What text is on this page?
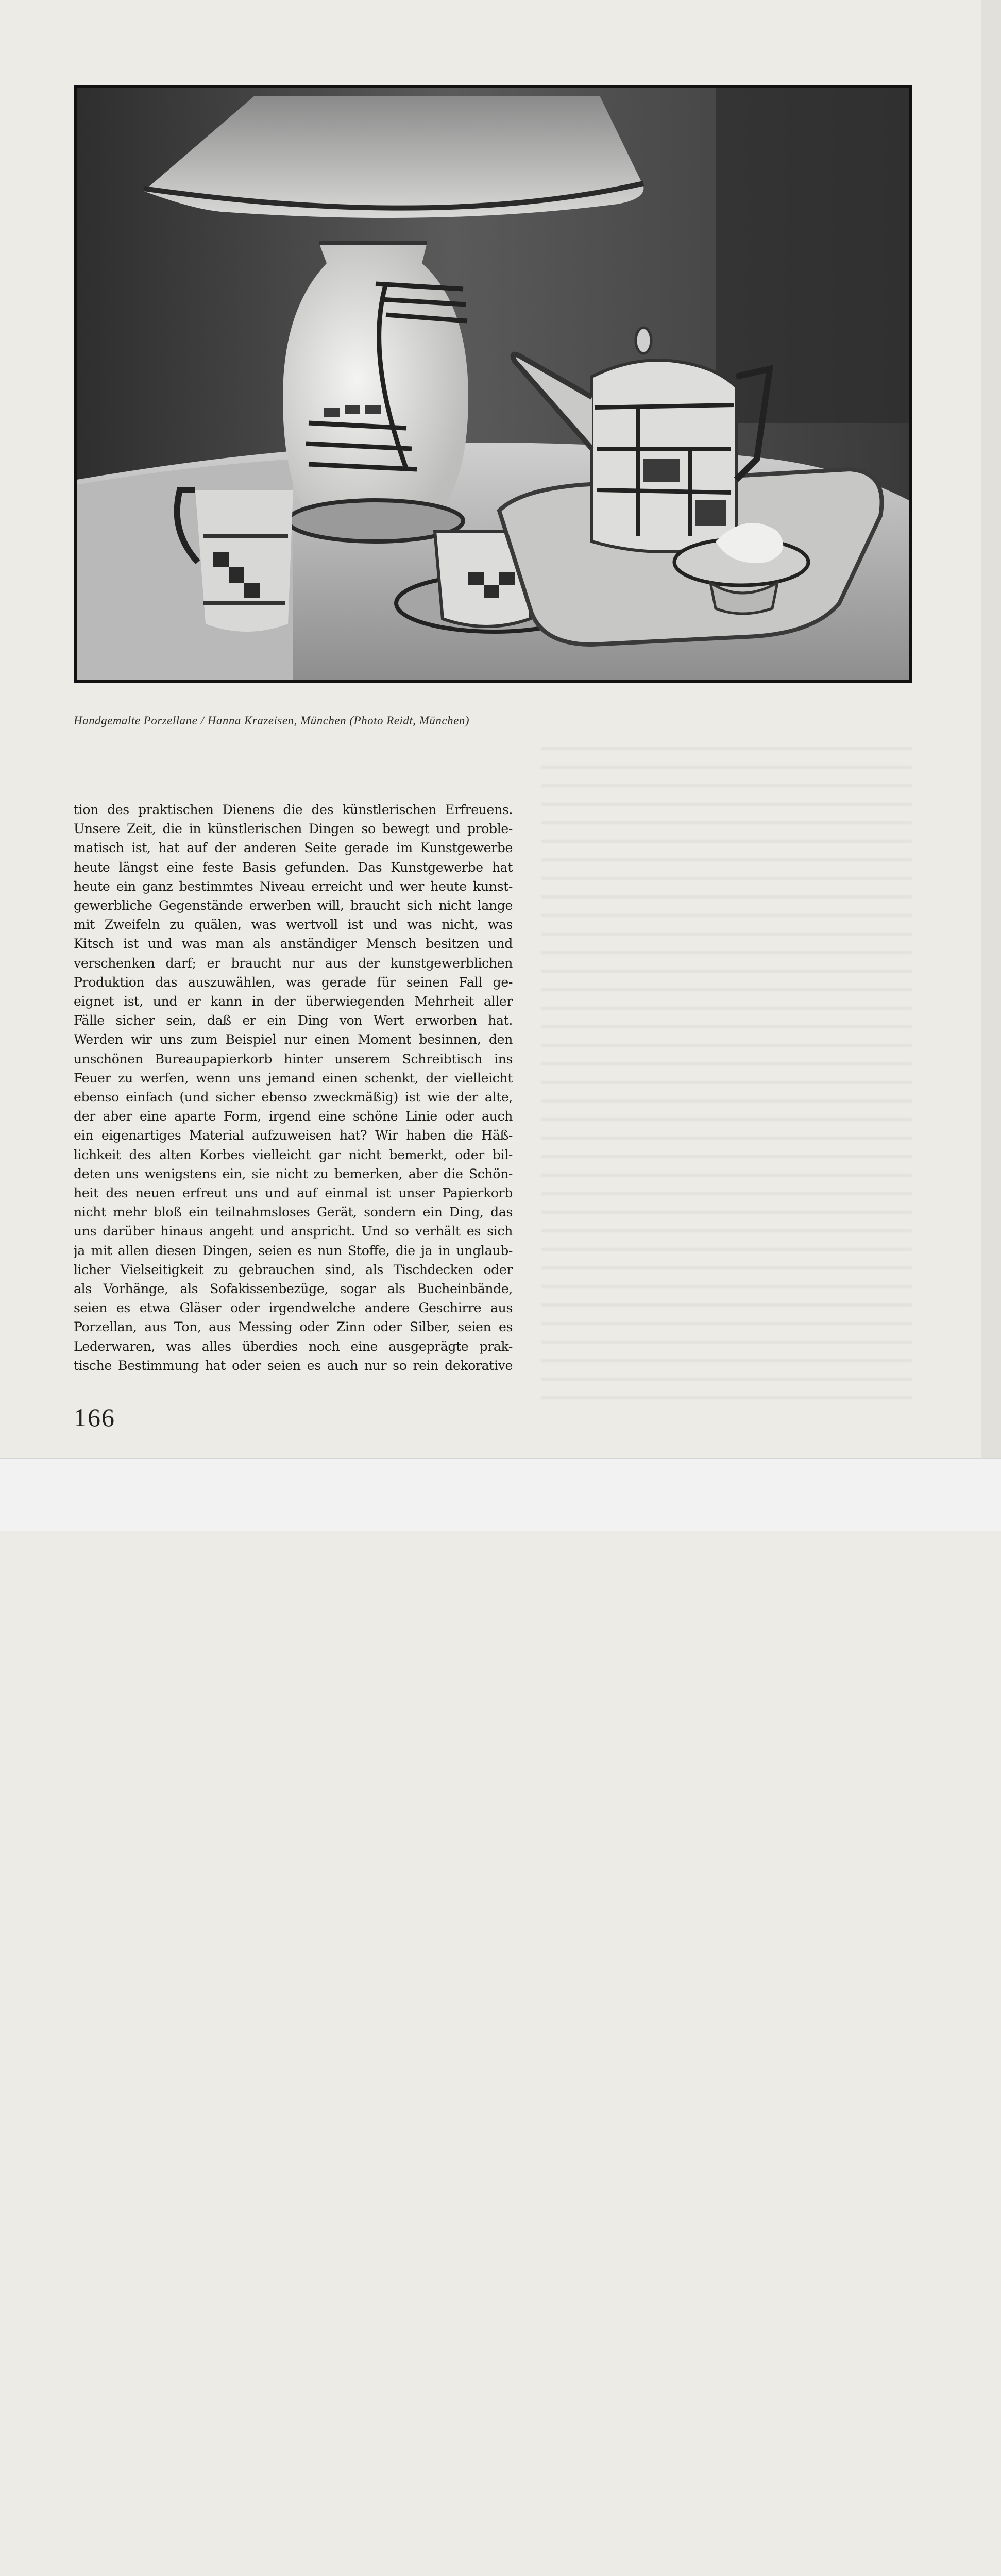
Handgemalte Porzellane / Hanna Krazeisen, München (Photo Reidt, München)
tion des praktischen Dienens die des künstlerischen Erfreuens.
Unsere Zeit, die in künstlerischen Dingen so bewegt und proble-
matisch ist, hat auf der anderen Seite gerade im Kunstgewerbe
heute längst eine feste Basis gefunden. Das Kunstgewerbe hat
heute ein ganz bestimmtes Niveau erreicht und wer heute kunst-
gewerbliche Gegenstände erwerben will, braucht sich nicht lange
mit Zweifeln zu quälen, was wertvoll ist und was nicht, was
Kitsch ist und was man als anständiger Mensch besitzen und
verschenken darf; er braucht nur aus der kunstgewerblichen
Produktion das auszuwählen, was gerade für seinen Fall ge-
eignet ist, und er kann in der überwiegenden Mehrheit aller
Fälle sicher sein, daß er ein Ding von Wert erworben hat.
Werden wir uns zum Beispiel nur einen Moment besinnen, den
unschönen Bureaupapierkorb hinter unserem Schreibtisch ins
Feuer zu werfen, wenn uns jemand einen schenkt, der vielleicht
ebenso einfach (und sicher ebenso zweckmäßig) ist wie der alte,
der aber eine aparte Form, irgend eine schöne Linie oder auch
ein eigenartiges Material aufzuweisen hat? Wir haben die Häß-
lichkeit des alten Korbes vielleicht gar nicht bemerkt, oder bil-
deten uns wenigstens ein, sie nicht zu bemerken, aber die Schön-
heit des neuen erfreut uns und auf einmal ist unser Papierkorb
nicht mehr bloß ein teilnahmsloses Gerät, sondern ein Ding, das
uns darüber hinaus angeht und anspricht. Und so verhält es sich
ja mit allen diesen Dingen, seien es nun Stoffe, die ja in unglaub-
licher Vielseitigkeit zu gebrauchen sind, als Tischdecken oder
als Vorhänge, als Sofakissenbezüge, sogar als Bucheinbände,
seien es etwa Gläser oder irgendwelche andere Geschirre aus
Porzellan, aus Ton, aus Messing oder Zinn oder Silber, seien es
Lederwaren, was alles überdies noch eine ausgeprägte prak-
tische Bestimmung hat oder seien es auch nur so rein dekorative
166
